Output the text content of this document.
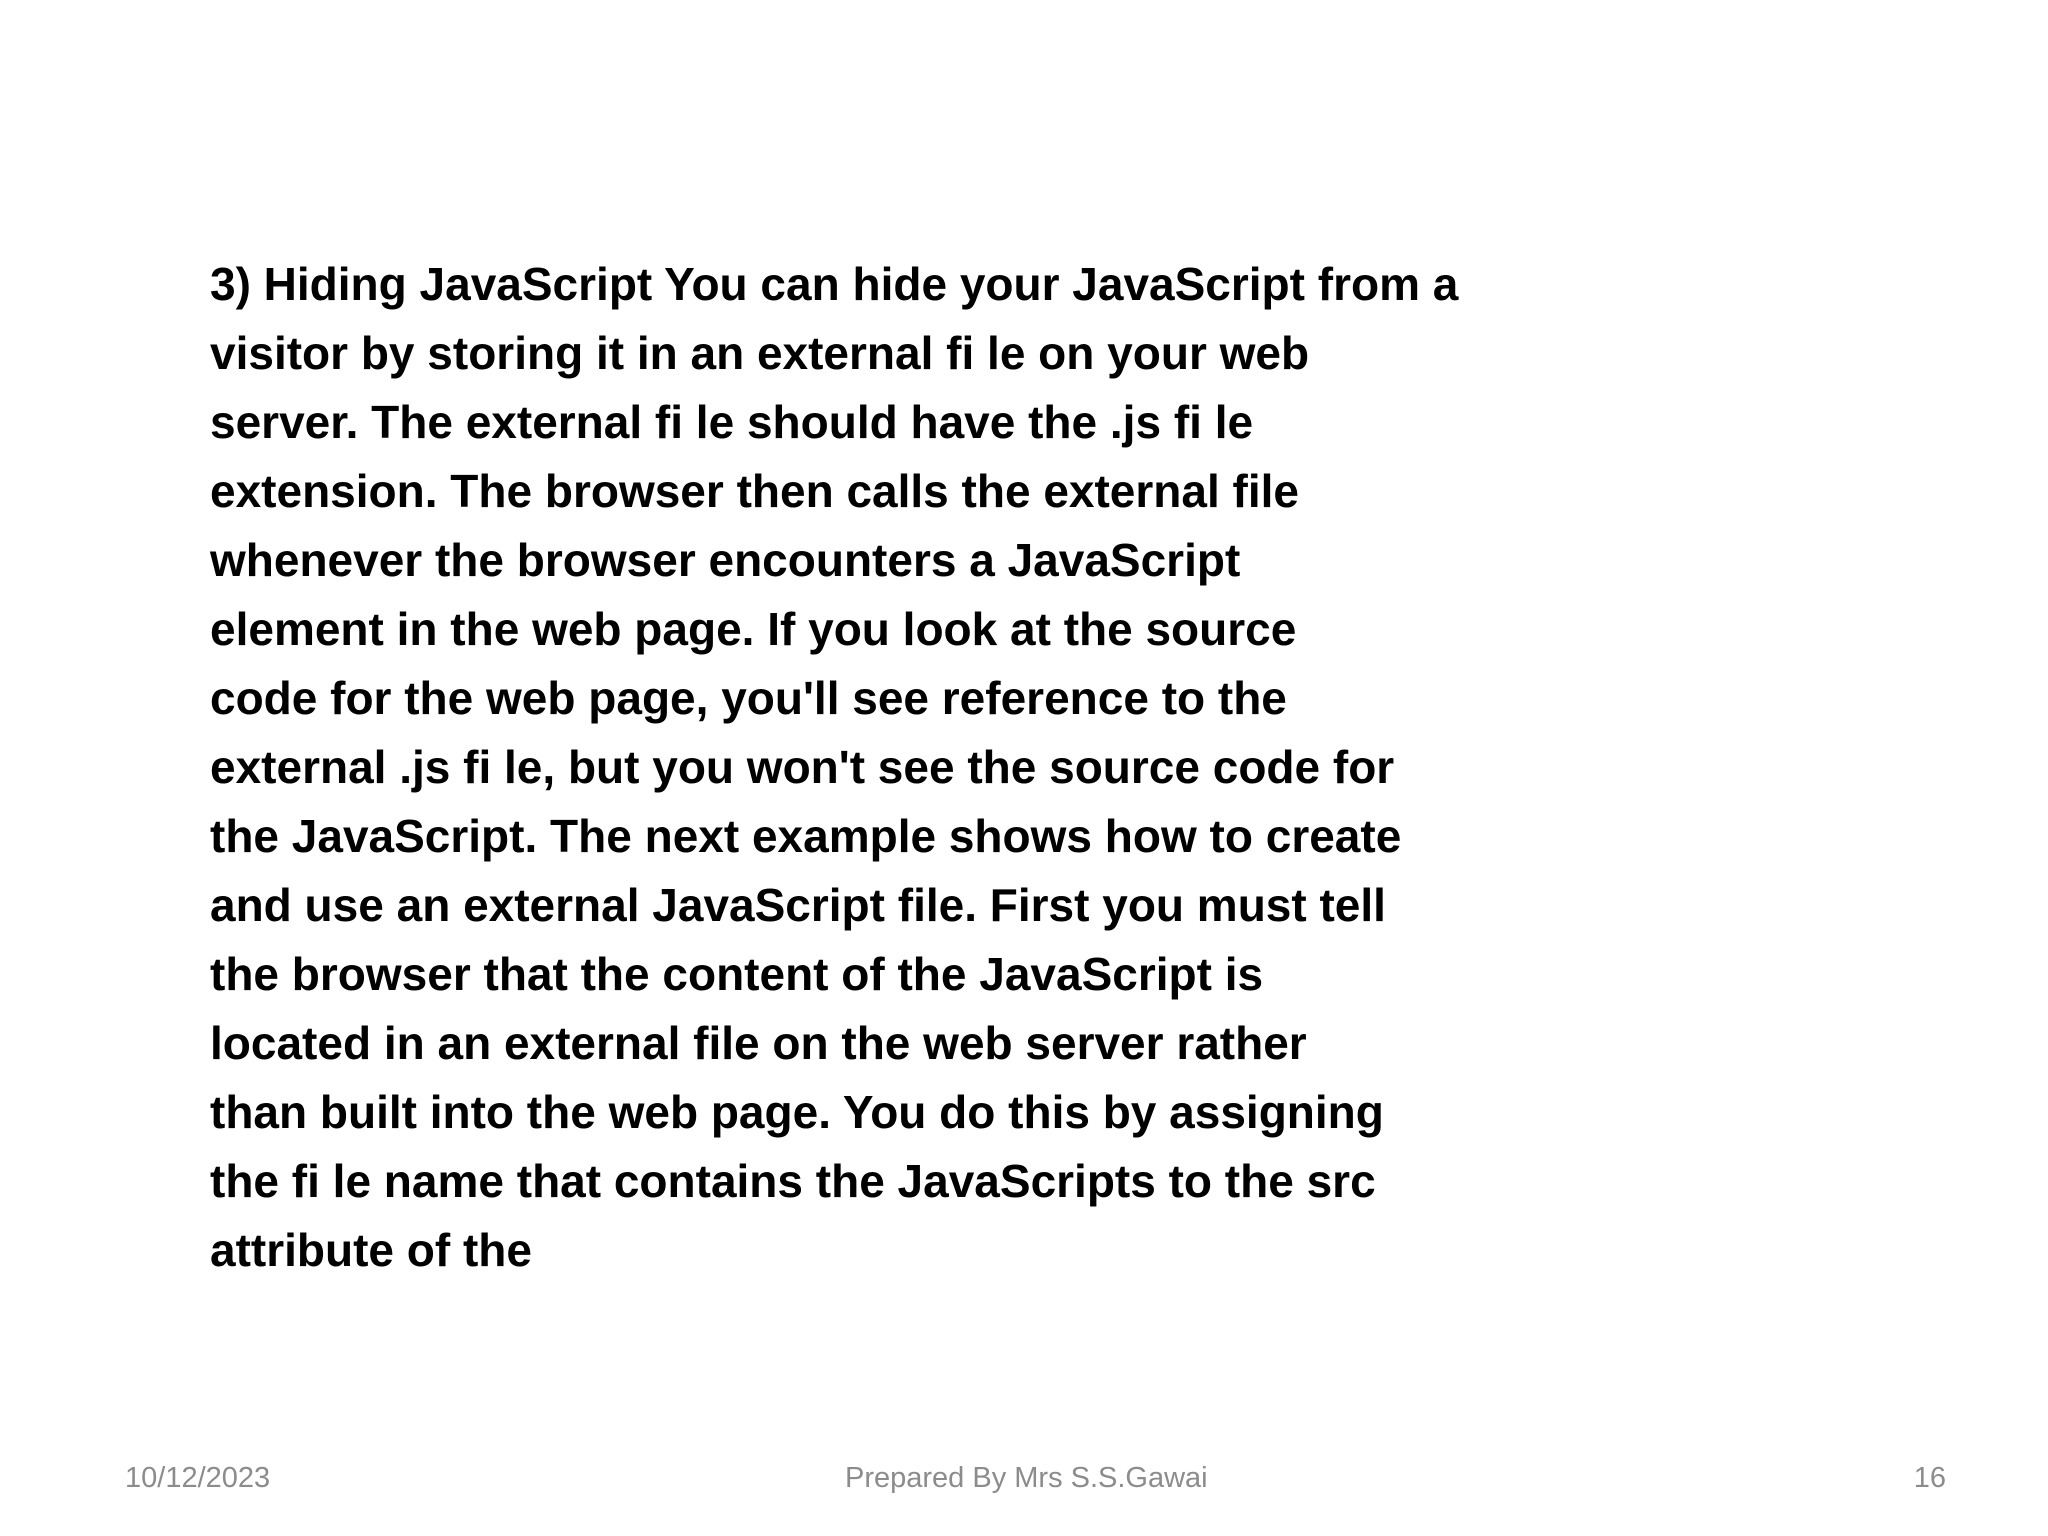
3) Hiding JavaScript You can hide your JavaScript from a
visitor by storing it in an external fi le on your web
server. The external fi le should have the .js fi le
extension. The browser then calls the external file
whenever the browser encounters a JavaScript
element in the web page. If you look at the source
code for the web page, you'll see reference to the
external .js fi le, but you won't see the source code for
the JavaScript. The next example shows how to create
and use an external JavaScript file. First you must tell
the browser that the content of the JavaScript is
located in an external file on the web server rather
than built into the web page. You do this by assigning
the fi le name that contains the JavaScripts to the src
attribute of the
10/12/2023	Prepared By Mrs S.S.Gawai	16
